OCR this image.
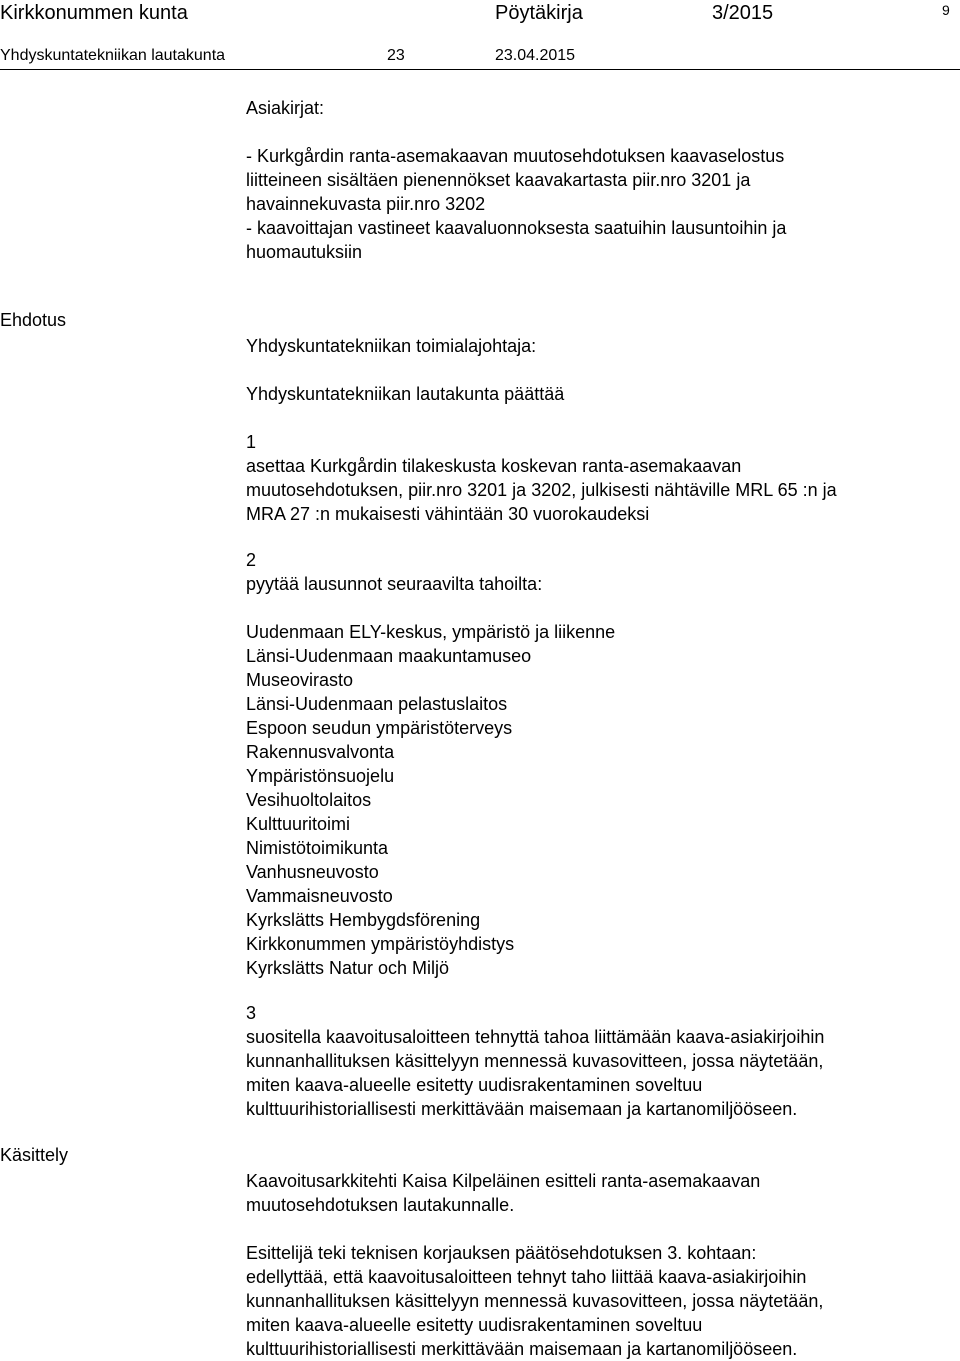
Kirkkonummen kunta	Pöytäkirja	3/2015	9
Yhdyskuntatekniikan lautakunta	23	23.04.2015

Asiakirjat:

- Kurkgårdin ranta-asemakaavan muutosehdotuksen kaavaselostus

liitteineen sisältäen pienennökset kaavakartasta piir.nro 3201 ja

havainnekuvasta piir.nro 3202

- kaavoittajan vastineet kaavaluonnoksesta saatuihin lausuntoihin ja

huomautuksiin

Ehdotus

Yhdyskuntatekniikan toimialajohtaja:

Yhdyskuntatekniikan lautakunta päättää

1

asettaa Kurkgårdin tilakeskusta koskevan ranta-asemakaavan

muutosehdotuksen, piir.nro 3201 ja 3202, julkisesti nähtäville MRL 65 :n ja

MRA 27 :n mukaisesti vähintään 30 vuorokaudeksi

2

pyytää lausunnot seuraavilta tahoilta:

Uudenmaan ELY-keskus, ympäristö ja liikenne

Länsi-Uudenmaan maakuntamuseo

Museovirasto

Länsi-Uudenmaan pelastuslaitos

Espoon seudun ympäristöterveys

Rakennusvalvonta

Ympäristönsuojelu

Vesihuoltolaitos

Kulttuuritoimi

Nimistötoimikunta

Vanhusneuvosto

Vammaisneuvosto

Kyrkslätts Hembygdsförening

Kirkkonummen ympäristöyhdistys

Kyrkslätts Natur och Miljö

3

suositella kaavoitusaloitteen tehnyttä tahoa liittämään kaava-asiakirjoihin

kunnanhallituksen käsittelyyn mennessä kuvasovitteen, jossa näytetään,

miten kaava-alueelle esitetty uudisrakentaminen soveltuu

kulttuurihistoriallisesti merkittävään maisemaan ja kartanomiljööseen.

Käsittely

Kaavoitusarkkitehti Kaisa Kilpeläinen esitteli ranta-asemakaavan

muutosehdotuksen lautakunnalle.

Esittelijä teki teknisen korjauksen päätösehdotuksen 3. kohtaan:

edellyttää, että kaavoitusaloitteen tehnyt taho liittää kaava-asiakirjoihin

kunnanhallituksen käsittelyyn mennessä kuvasovitteen, jossa näytetään,

miten kaava-alueelle esitetty uudisrakentaminen soveltuu

kulttuurihistoriallisesti merkittävään maisemaan ja kartanomiljööseen.
